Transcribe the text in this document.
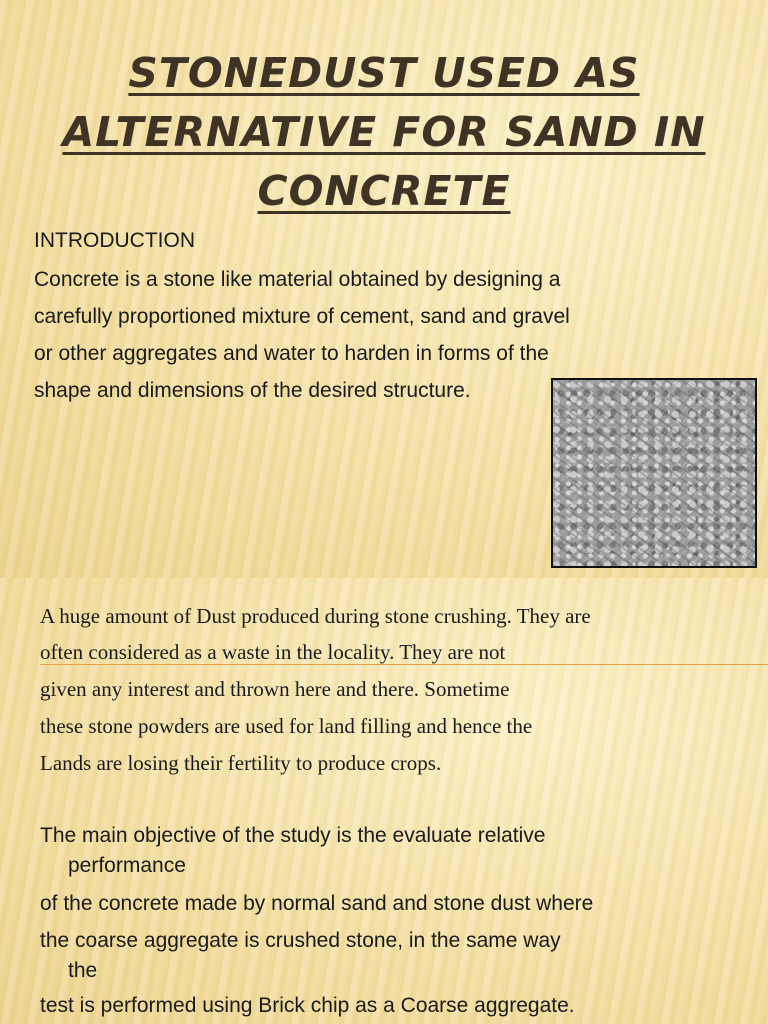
STONEDUST USED AS
ALTERNATIVE FOR SAND IN
CONCRETE
INTRODUCTION
Concrete is a stone like material obtained by designing a
carefully proportioned mixture of cement, sand and gravel
or other aggregates and water to harden in forms of the
shape and dimensions of the desired structure.
A huge amount of Dust produced during stone crushing. They are
often considered as a waste in the locality. They are not
given any interest and thrown here and there. Sometime
these stone powders are used for land filling and hence the
Lands are losing their fertility to produce crops.
The main objective of the study is the evaluate relative
performance
of the concrete made by normal sand and stone dust where
the coarse aggregate is crushed stone, in the same way
the
test is performed using Brick chip as a Coarse aggregate.
